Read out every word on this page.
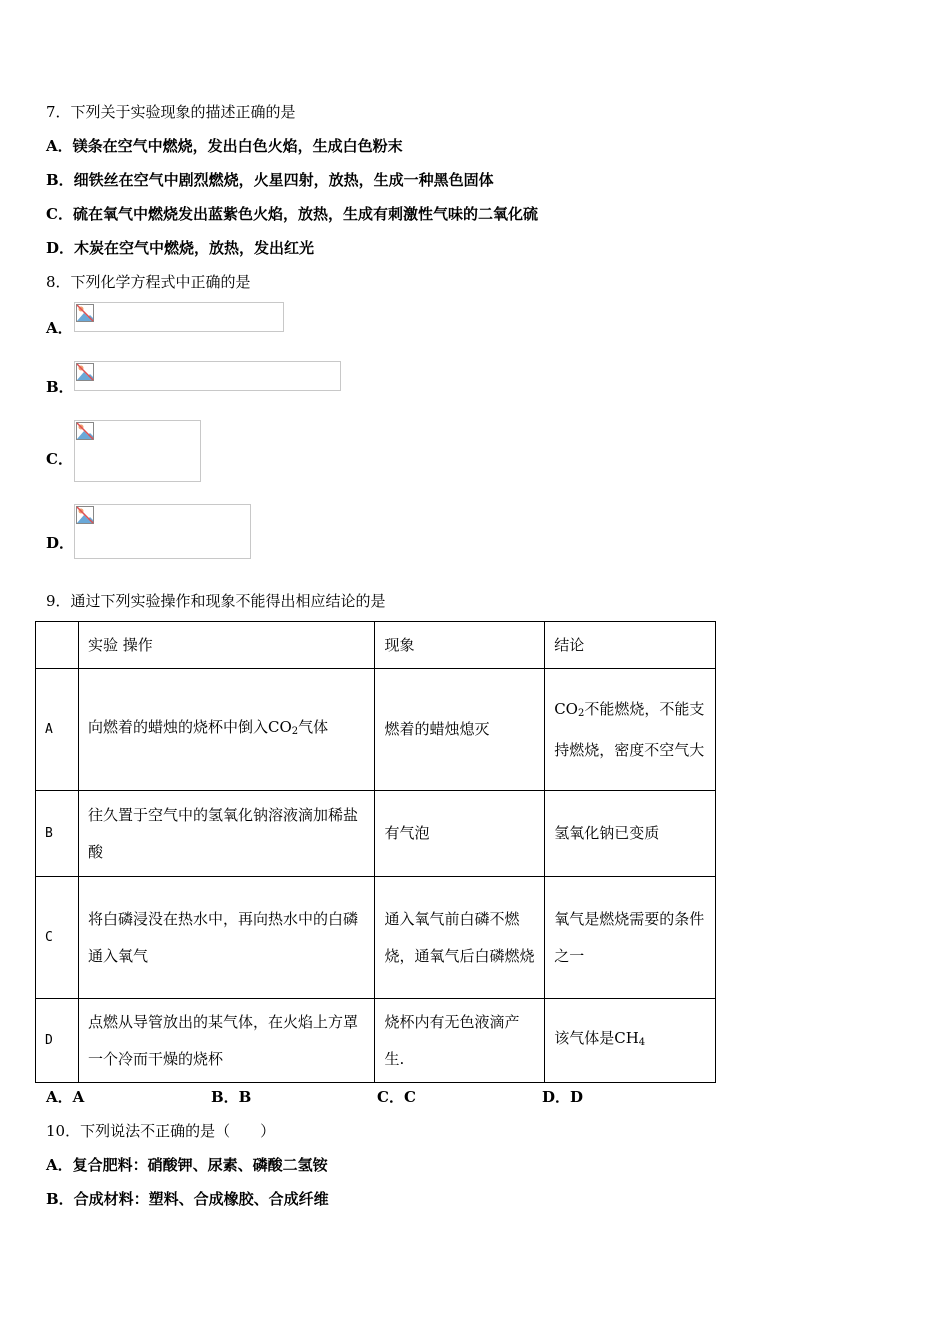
7．下列关于实验现象的描述正确的是
A．镁条在空气中燃烧，发出白色火焰，生成白色粉末
B．细铁丝在空气中剧烈燃烧，火星四射，放热，生成一种黑色固体
C．硫在氧气中燃烧发出蓝紫色火焰，放热，生成有刺激性气味的二氧化硫
D．木炭在空气中燃烧，放热，发出红光
8．下列化学方程式中正确的是
A．
B．
C．
D．
9．通过下列实验操作和现象不能得出相应结论的是
	实验 操作	现象	结论
A	向燃着的蜡烛的烧杯中倒入$CO_2$气体	燃着的蜡烛熄灭	$CO_2$不能燃烧，不能支持燃烧，密度不空气大
B	往久置于空气中的氢氧化钠溶液滴加稀盐酸	有气泡	氢氧化钠已变质
C	将白磷浸没在热水中，再向热水中的白磷通入氧气	通入氧气前白磷不燃烧，通氧气后白磷燃烧	氧气是燃烧需要的条件之一
D	点燃从导管放出的某气体，在火焰上方罩一个冷而干燥的烧杯	烧杯内有无色液滴产生.	该气体是$CH_4$
A．A	B．B	C．C	D．D
10．下列说法不正确的是（　　）
A．复合肥料：硝酸钾、尿素、磷酸二氢铵
B．合成材料：塑料、合成橡胶、合成纤维
